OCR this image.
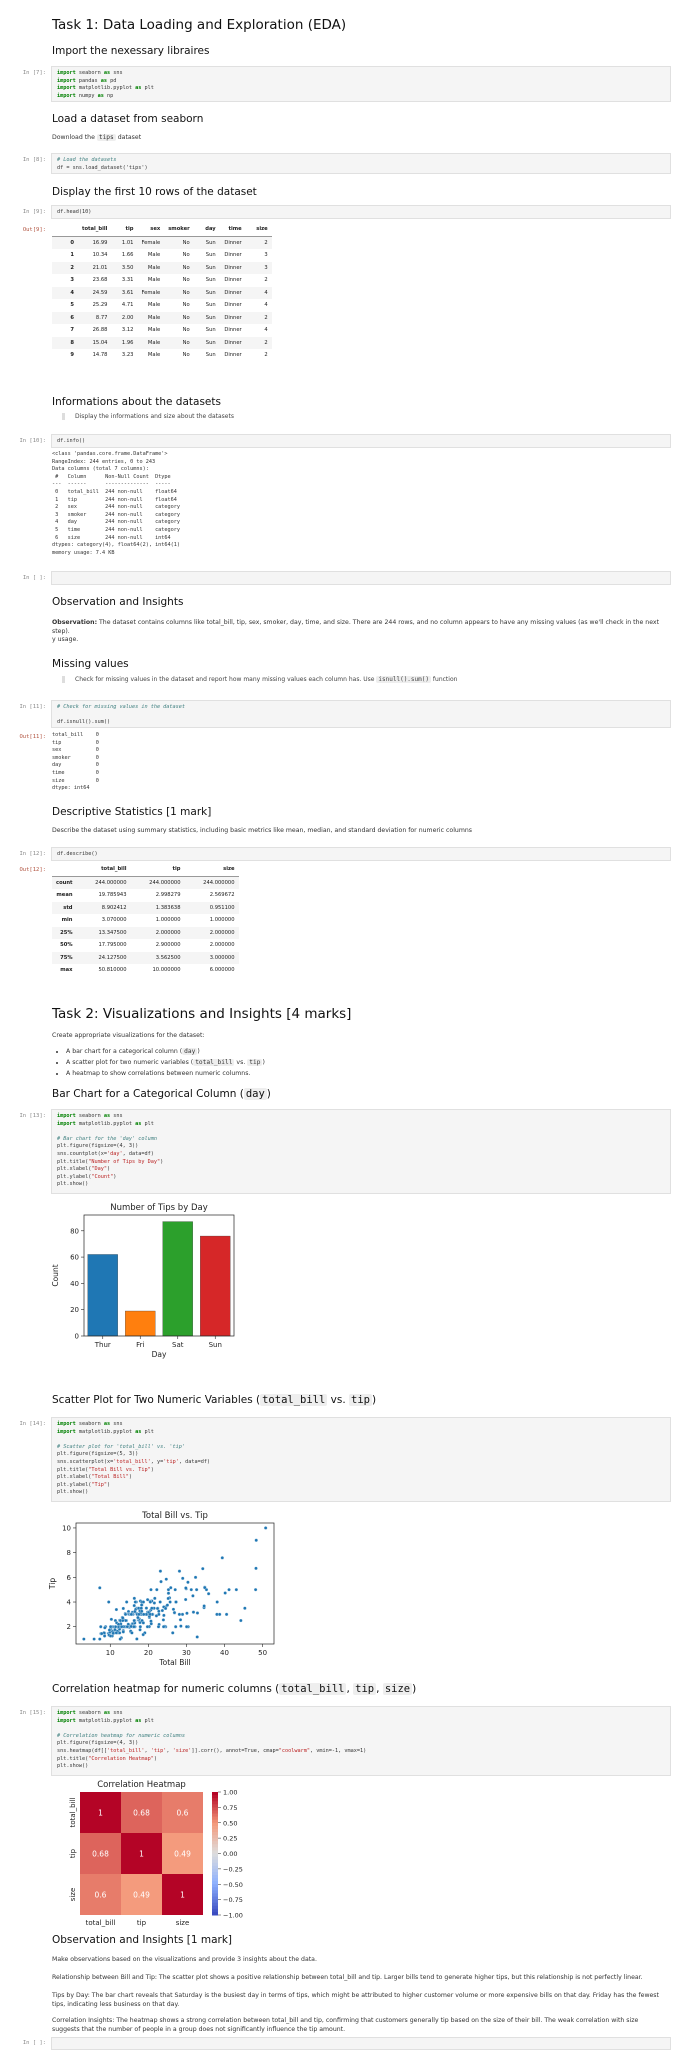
Task 1: Data Loading and Exploration (EDA)
Import the nexessary libraires
In [7]:	import seaborn as sns
import pandas as pd
import matplotlib.pyplot as plt
import numpy as np
Load a dataset from seaborn
Download the tips dataset
In [8]:	# Load the datasets
df = sns.load_dataset('tips')
Display the first 10 rows of the dataset
In [9]:	df.head(10)
Out[9]:
		total_bill	tip	sex	smoker	day	time	size
0	16.99	1.01	Female	No	Sun	Dinner	2
1	10.34	1.66	Male	No	Sun	Dinner	3
2	21.01	3.50	Male	No	Sun	Dinner	3
3	23.68	3.31	Male	No	Sun	Dinner	2
4	24.59	3.61	Female	No	Sun	Dinner	4
5	25.29	4.71	Male	No	Sun	Dinner	4
6	8.77	2.00	Male	No	Sun	Dinner	2
7	26.88	3.12	Male	No	Sun	Dinner	4
8	15.04	1.96	Male	No	Sun	Dinner	2
9	14.78	3.23	Male	No	Sun	Dinner	2
Informations about the datasets
Display the informations and size about the datasets
In [10]:	df.info()
<class 'pandas.core.frame.DataFrame'>
RangeIndex: 244 entries, 0 to 243
Data columns (total 7 columns):
#   Column      Non-Null Count  Dtype
---  ------      --------------  -----
0   total_bill  244 non-null    float64
1   tip         244 non-null    float64
2   sex         244 non-null    category
3   smoker      244 non-null    category
4   day         244 non-null    category
5   time        244 non-null    category
6   size        244 non-null    int64
dtypes: category(4), float64(2), int64(1)
memory usage: 7.4 KB
In [ ]:
Observation and Insights
Observation: The dataset contains columns like total_bill, tip, sex, smoker, day, time, and size. There are 244 rows, and no column appears to have any missing values (as we'll check in the next step).
y usage.
Missing values
Check for missing values in the dataset and report how many missing values each column has. Use isnull().sum() function
In [11]:	# Check for missing values in the dataset

df.isnull().sum()
Out[11]: total_bill    0
tip           0
sex           0
smoker        0
day           0
time          0
size          0
dtype: int64
Descriptive Statistics [1 mark]
Describe the dataset using summary statistics, including basic metrics like mean, median, and standard deviation for numeric columns
In [12]:	df.describe()
Out[12]:
		total_bill	tip	size
count	244.000000	244.000000	244.000000
mean	19.785943	2.998279	2.569672
std	8.902412	1.383638	0.951100
min	3.070000	1.000000	1.000000
25%	13.347500	2.000000	2.000000
50%	17.795000	2.900000	2.000000
75%	24.127500	3.562500	3.000000
max	50.810000	10.000000	6.000000
Task 2: Visualizations and Insights [4 marks]
Create appropriate visualizations for the dataset:
• A bar chart for a categorical column ( day )
• A scatter plot for two numeric variables ( total_bill vs. tip )
• A heatmap to show correlations between numeric columns.
Bar Chart for a Categorical Column ( day )
In [13]:	import seaborn as sns
import matplotlib.pyplot as plt

# Bar chart for the 'day' column
plt.figure(figsize=(4, 3))
sns.countplot(x='day', data=df)
plt.title("Number of Tips by Day")
plt.xlabel("Day")
plt.ylabel("Count")
plt.show()
Number of Tips by Day
Thur	Fri	Sat	Sun
0
20
40
60
80
Day
Count
Scatter Plot for Two Numeric Variables ( total_bill vs. tip )
In [14]:	import seaborn as sns
import matplotlib.pyplot as plt

# Scatter plot for 'total_bill' vs. 'tip'
plt.figure(figsize=(5, 3))
sns.scatterplot(x='total_bill', y='tip', data=df)
plt.title("Total Bill vs. Tip")
plt.xlabel("Total Bill")
plt.ylabel("Tip")
plt.show()
Total Bill vs. Tip
10	20	30	40	50
2
4
6
8
10
Total Bill
Tip
Correlation heatmap for numeric columns ( total_bill , tip , size )
In [15]:	import seaborn as sns
import matplotlib.pyplot as plt

# Correlation heatmap for numeric columns
plt.figure(figsize=(4, 3))
sns.heatmap(df[['total_bill', 'tip', 'size']].corr(), annot=True, cmap="coolwarm", vmin=-1, vmax=1)
plt.title("Correlation Heatmap")
plt.show()
Correlation Heatmap
1	0.68	0.6
0.68	1	0.49
0.6	0.49	1
total_bill
total_bill
tip
tip
size
size
1.00
0.75
0.50
0.25
0.00
−0.25
−0.50
−0.75
−1.00
Observation and Insights [1 mark]
Make observations based on the visualizations and provide 3 insights about the data.
Relationship between Bill and Tip: The scatter plot shows a positive relationship between total_bill and tip. Larger bills tend to generate higher tips, but this relationship is not perfectly linear.
Tips by Day: The bar chart reveals that Saturday is the busiest day in terms of tips, which might be attributed to higher customer volume or more expensive bills on that day. Friday has the fewest tips, indicating less business on that day.
Correlation Insights: The heatmap shows a strong correlation between total_bill and tip, confirming that customers generally tip based on the size of their bill. The weak correlation with size suggests that the number of people in a group does not significantly influence the tip amount.
In [ ]:
